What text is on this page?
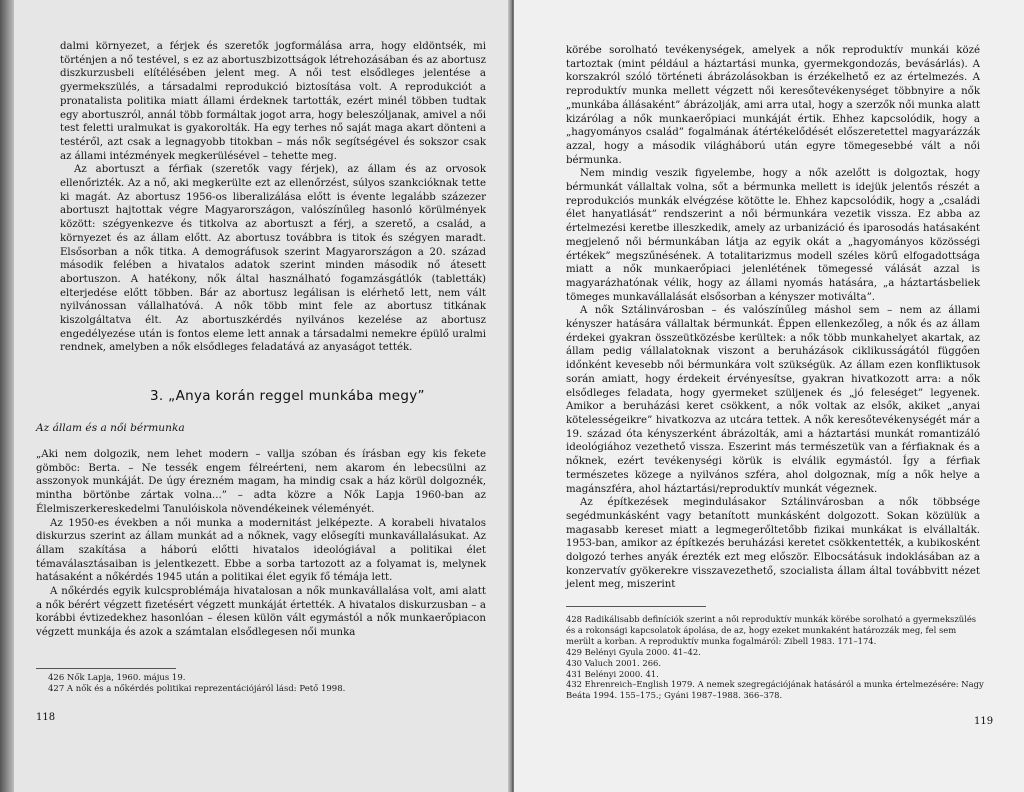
dalmi környezet, a férjek és szeretők jogformálása arra, hogy eldöntsék, mi történjen a nő testével, s ez az abortuszbizottságok létrehozásában és az abortusz diszkurzusbeli elítélésében jelent meg. A női test elsődleges jelentése a gyermekszülés, a társadalmi reprodukció biztosítása volt. A reprodukciót a pronatalista politika miatt állami érdeknek tartották, ezért minél többen tudtak egy abortuszról, annál több formáltak jogot arra, hogy beleszóljanak, amivel a női test feletti uralmukat is gyakorolták. Ha egy terhes nő saját maga akart dönteni a testéről, azt csak a legnagyobb titokban – más nők segítségével és sokszor csak az állami intézmények megkerülésével – tehette meg.

Az abortuszt a férfiak (szeretők vagy férjek), az állam és az orvosok ellenőrizték. Az a nő, aki megkerülte ezt az ellenőrzést, súlyos szankcióknak tette ki magát. Az abortusz 1956-os liberalizálása előtt is évente legalább százezer abortuszt hajtottak végre Magyarországon, valószínűleg hasonló körülmények között: szégyenkezve és titkolva az abortuszt a férj, a szerető, a család, a környezet és az állam előtt. Az abortusz továbbra is titok és szégyen maradt. Elsősorban a nők titka. A demográfusok szerint Magyarországon a 20. század második felében a hivatalos adatok szerint minden második nő átesett abortuszon. A hatékony, nők által használható fogamzásgátlók (tabletták) elterjedése előtt többen. Bár az abortusz legálisan is elérhető lett, nem vált nyilvánossan vállalhatóvá. A nők több mint fele az abortusz titkának kiszolgáltatva élt. Az abortuszkérdés nyilvános kezelése az abortusz engedélyezése után is fontos eleme lett annak a társadalmi nemekre épülő uralmi rendnek, amelyben a nők elsődleges feladatává az anyaságot tették.

3. „Anya korán reggel munkába megy”
Az állam és a női bérmunka

„Aki nem dolgozik, nem lehet modern – vallja szóban és írásban egy kis fekete gömböc: Berta. – Ne tessék engem félreérteni, nem akarom én lebecsülni az asszonyok munkáját. De úgy érezném magam, ha mindig csak a ház körül dolgoznék, mintha börtönbe zártak volna...” – adta közre a Nők Lapja 1960-ban az Élelmiszerkereskedelmi Tanulóiskola növendékeinek véleményét.

Az 1950-es években a női munka a modernitást jelképezte. A korabeli hivatalos diskurzus szerint az állam munkát ad a nőknek, vagy elősegíti munkavállalásukat. Az állam szakítása a háború előtti hivatalos ideológiával a politikai élet témaválasztásaiban is jelentkezett. Ebbe a sorba tartozott az a folyamat is, melynek hatásaként a nőkérdés 1945 után a politikai élet egyik fő témája lett.

A nőkérdés egyik kulcsproblémája hivatalosan a nők munkavállalása volt, ami alatt a nők bérért végzett fizetésért végzett munkáját értették. A hivatalos diskurzusban – a korábbi évtizedekhez hasonlóan – élesen külön vált egymástól a nők munkaerőpiacon végzett munkája és azok a számtalan elsődlegesen női munka

426 Nők Lapja, 1960. május 19.
427 A nők és a nőkérdés politikai reprezentációjáról lásd: Pető 1998.
118

körébe sorolható tevékenységek, amelyek a nők reproduktív munkái közé tartoztak (mint például a háztartási munka, gyermekgondozás, bevásárlás). A korszakról szóló történeti ábrázolásokban is érzékelhető ez az értelmezés. A reproduktív munka mellett végzett női keresőtevékenységet többnyire a nők „munkába állásaként” ábrázolják, ami arra utal, hogy a szerzők női munka alatt kizárólag a nők munkaerőpiaci munkáját értik. Ehhez kapcsolódik, hogy a „hagyományos család” fogalmának átértékelődését előszeretettel magyarázzák azzal, hogy a második világháború után egyre tömegesebbé vált a női bérmunka.

Nem mindig veszik figyelembe, hogy a nők azelőtt is dolgoztak, hogy bérmunkát vállaltak volna, sőt a bérmunka mellett is idejük jelentős részét a reprodukciós munkák elvégzése kötötte le. Ehhez kapcsolódik, hogy a „családi élet hanyatlását” rendszerint a női bérmunkára vezetik vissza. Ez abba az értelmezési keretbe illeszkedik, amely az urbanizáció és iparosodás hatásaként megjelenő női bérmunkában látja az egyik okát a „hagyományos közösségi értékek” megszűnésének. A totalitarizmus modell széles körű elfogadottsága miatt a nők munkaerőpiaci jelenlétének tömegessé válását azzal is magyarázhatónak vélik, hogy az állami nyomás hatására, „a háztartásbeliek tömeges munkavállalását elsősorban a kényszer motiválta”.

A nők Sztálinvárosban – és valószínűleg máshol sem – nem az állami kényszer hatására vállaltak bérmunkát. Éppen ellenkezőleg, a nők és az állam érdekei gyakran összeütközésbe kerültek: a nők több munkahelyet akartak, az állam pedig vállalatoknak viszont a beruházások ciklikusságától függően időnként kevesebb női bérmunkára volt szükségük. Az állam ezen konfliktusok során amiatt, hogy érdekeit érvényesítse, gyakran hivatkozott arra: a nők elsődleges feladata, hogy gyermeket szüljenek és „jó feleséget” legyenek. Amikor a beruházási keret csökkent, a nők voltak az elsők, akiket „anyai kötelességeikre” hivatkozva az utcára tettek. A nők keresőtevékenységét már a 19. század óta kényszerként ábrázolták, ami a háztartási munkát romantizáló ideológiához vezethető vissza. Eszerint más természetük van a férfiaknak és a nőknek, ezért tevékenységi körük is elválik egymástól. Így a férfiak természetes közege a nyilvános szféra, ahol dolgoznak, míg a nők helye a magánszféra, ahol háztartási/reproduktív munkát végeznek.

Az építkezések megindulásakor Sztálinvárosban a nők többsége segédmunkásként vagy betanított munkásként dolgozott. Sokan közülük a magasabb kereset miatt a legmegerőltetőbb fizikai munkákat is elvállalták. 1953-ban, amikor az építkezés beruházási keretet csökkentették, a kubikosként dolgozó terhes anyák érezték ezt meg először. Elbocsátásuk indoklásában az a konzervatív gyökerekre visszavezethető, szocialista állam által továbbvitt nézet jelent meg, miszerint

428 Radikálisabb definíciók szerint a női reproduktív munkák körébe sorolható a gyermekszülés és a rokonsági kapcsolatok ápolása, de az, hogy ezeket munkaként határozzák meg, fel sem merült a korban. A reproduktív munka fogalmáról: Zibell 1983. 171–174.
429 Belényi Gyula 2000. 41–42.
430 Valuch 2001. 266.
431 Belényi 2000. 41.
432 Ehrenreich–English 1979. A nemek szegregációjának hatásáról a munka értelmezésére: Nagy Beáta 1994. 155–175.; Gyáni 1987–1988. 366–378.
119
